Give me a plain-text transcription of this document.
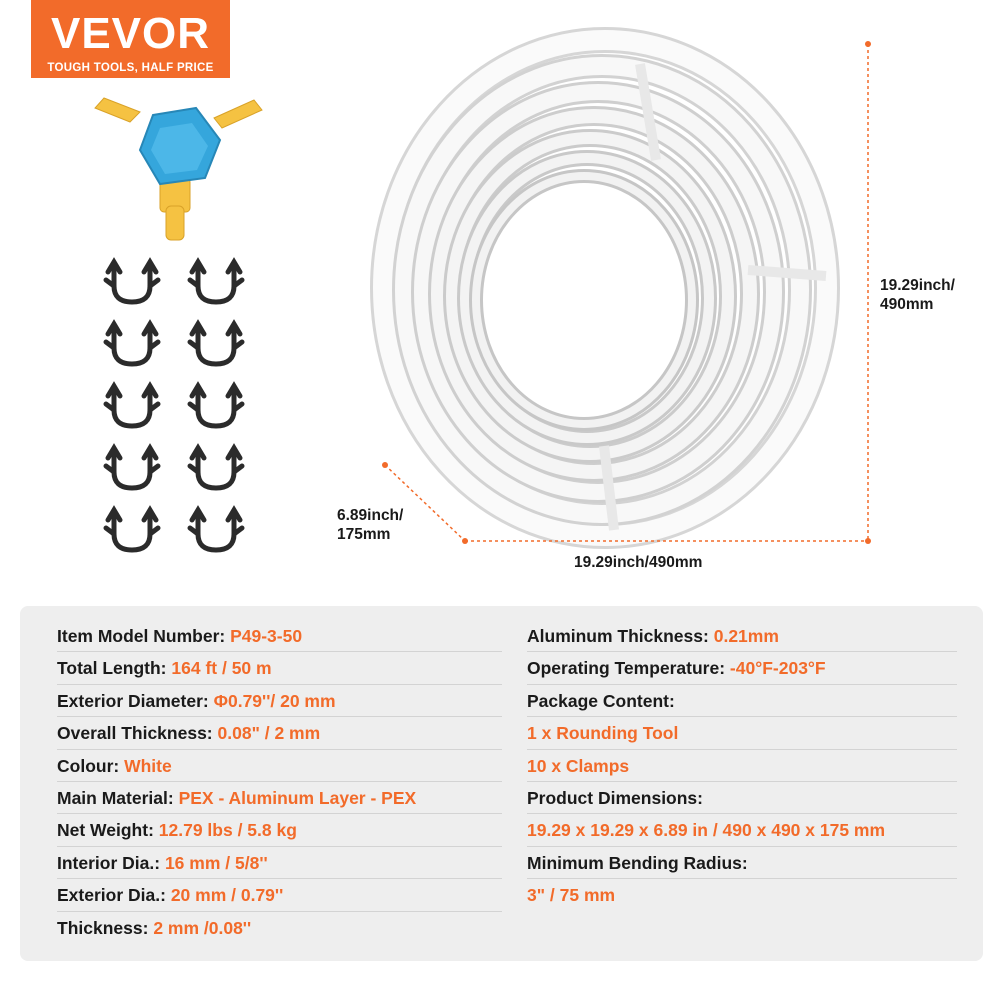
VEVOR
TOUGH TOOLS, HALF PRICE
19.29inch/
490mm
19.29inch/490mm
6.89inch/
175mm
Item Model Number: P49-3-50
Total Length: 164 ft / 50 m
Exterior Diameter: Φ0.79''/ 20 mm
Overall Thickness: 0.08" / 2 mm
Colour: White
Main Material: PEX - Aluminum Layer - PEX
Net Weight: 12.79 lbs / 5.8 kg
Interior Dia.: 16 mm / 5/8''
Exterior Dia.: 20 mm / 0.79''
Thickness: 2 mm /0.08''
Aluminum Thickness: 0.21mm
Operating Temperature: -40°F-203°F
Package Content:
1 x Rounding Tool
10 x Clamps
Product Dimensions:
19.29 x 19.29 x 6.89 in / 490 x 490 x 175 mm
Minimum Bending Radius:
3" / 75 mm
